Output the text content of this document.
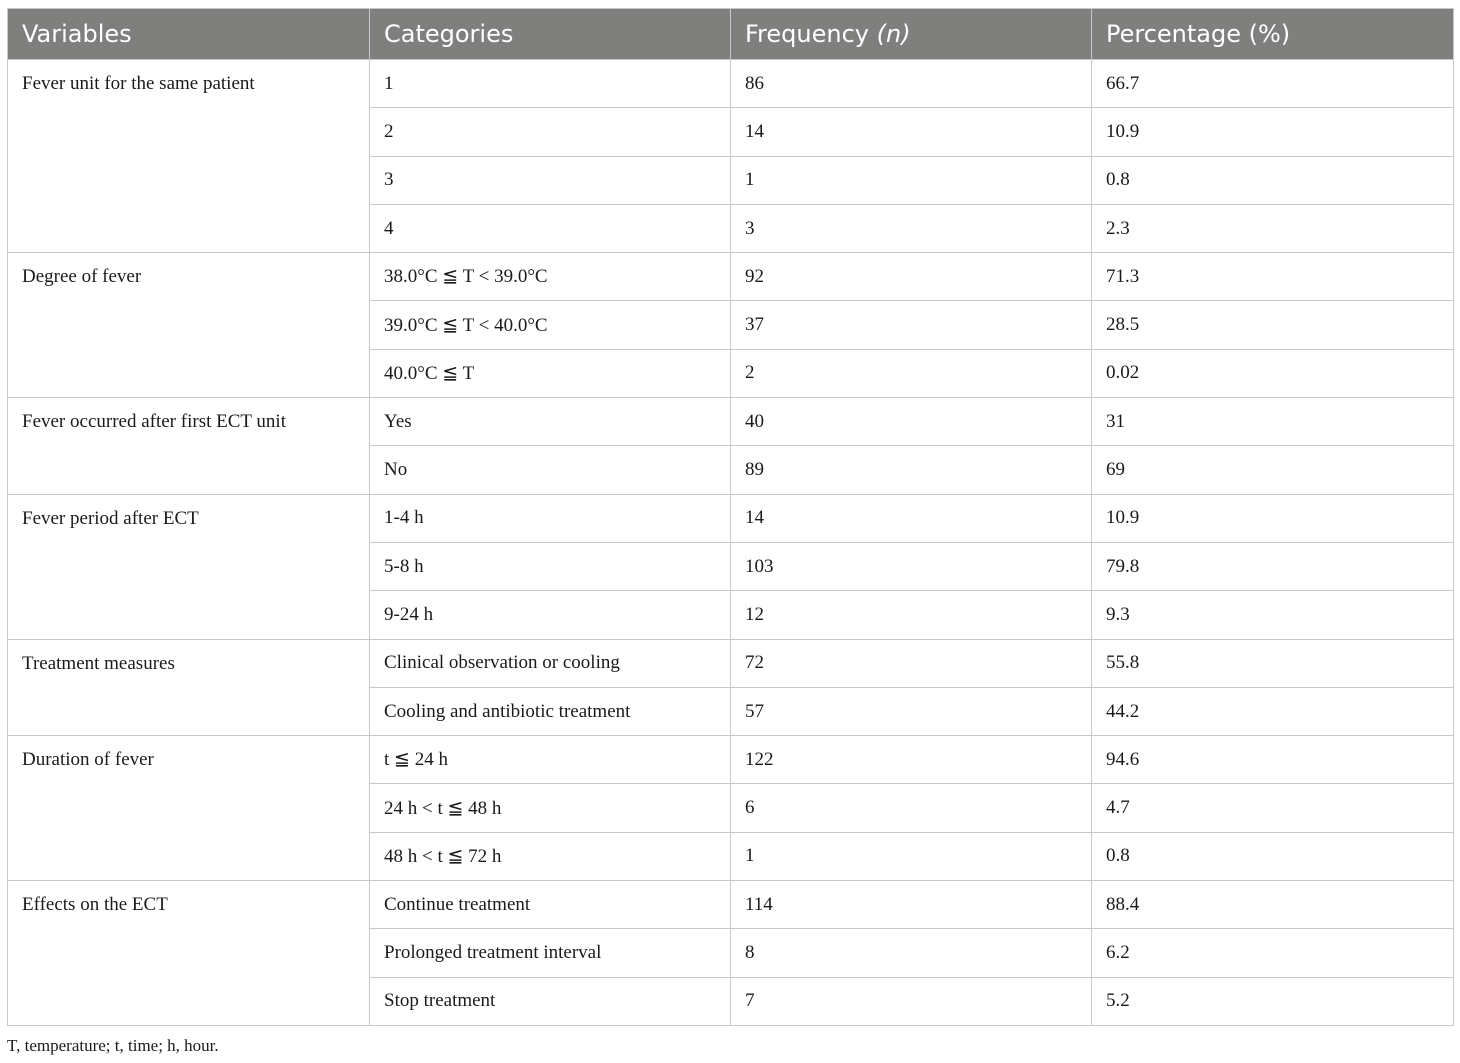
Variables	Categories	Frequency (n)	Percentage (%)
Fever unit for the same patient	1	86	66.7
	2	14	10.9
	3	1	0.8
	4	3	2.3
Degree of fever	38.0°C ≦ T < 39.0°C	92	71.3
	39.0°C ≦ T < 40.0°C	37	28.5
	40.0°C ≦ T	2	0.02
Fever occurred after first ECT unit	Yes	40	31
	No	89	69
Fever period after ECT	1-4 h	14	10.9
	5-8 h	103	79.8
	9-24 h	12	9.3
Treatment measures	Clinical observation or cooling	72	55.8
	Cooling and antibiotic treatment	57	44.2
Duration of fever	t ≦ 24 h	122	94.6
	24 h < t ≦ 48 h	6	4.7
	48 h < t ≦ 72 h	1	0.8
Effects on the ECT	Continue treatment	114	88.4
	Prolonged treatment interval	8	6.2
	Stop treatment	7	5.2
T, temperature; t, time; h, hour.
